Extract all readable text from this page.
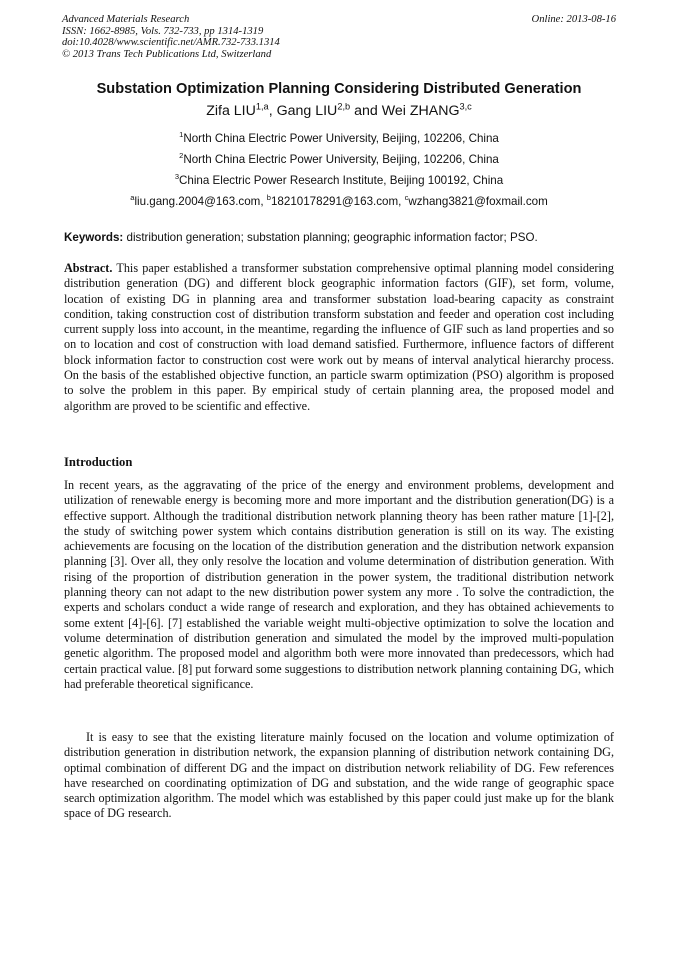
Advanced Materials Research
ISSN: 1662-8985, Vols. 732-733, pp 1314-1319
doi:10.4028/www.scientific.net/AMR.732-733.1314
© 2013 Trans Tech Publications Ltd, Switzerland
Online: 2013-08-16
Substation Optimization Planning Considering Distributed Generation
Zifa LIU$^{1,a}$, Gang LIU$^{2,b}$ and Wei ZHANG$^{3,c}$
$^1$North China Electric Power University, Beijing, 102206, China
$^2$North China Electric Power University, Beijing, 102206, China
$^3$China Electric Power Research Institute, Beijing 100192, China
$^a$liu.gang.2004@163.com, $^b$18210178291@163.com, $^c$wzhang3821@foxmail.com
Keywords: distribution generation; substation planning; geographic information factor; PSO.
Abstract. This paper established a transformer substation comprehensive optimal planning model considering distribution generation (DG) and different block geographic information factors (GIF), set form, volume, location of existing DG in planning area and transformer substation load-bearing capacity as constraint condition, taking construction cost of distribution transform substation and feeder and operation cost including current supply loss into account, in the meantime, regarding the influence of GIF such as land properties and so on to location and cost of construction with load demand satisfied. Furthermore, influence factors of different block information factor to construction cost were work out by means of interval analytical hierarchy process. On the basis of the established objective function, an particle swarm optimization (PSO) algorithm is proposed to solve the problem in this paper. By empirical study of certain planning area, the proposed model and algorithm are proved to be scientific and effective.
Introduction
In recent years, as the aggravating of the price of the energy and environment problems, development and utilization of renewable energy is becoming more and more important and the distribution generation(DG) is a effective support. Although the traditional distribution network planning theory has been rather mature [1]-[2], the study of switching power system which contains distribution generation is still on its way. The existing achievements are focusing on the location of the distribution generation and the distribution network expansion planning [3]. Over all, they only resolve the location and volume determination of distribution generation. With rising of the proportion of distribution generation in the power system, the traditional distribution network planning theory can not adapt to the new distribution power system any more . To solve the contradiction, the experts and scholars conduct a wide range of research and exploration, and they has obtained achievements to some extent [4]-[6]. [7] established the variable weight multi-objective optimization to solve the location and volume determination of distribution generation and simulated the model by the improved multi-population genetic algorithm. The proposed model and algorithm both were more innovated than predecessors, which had certain practical value. [8] put forward some suggestions to distribution network planning containing DG, which had preferable theoretical significance.
It is easy to see that the existing literature mainly focused on the location and volume optimization of distribution generation in distribution network, the expansion planning of distribution network containing DG, optimal combination of different DG and the impact on distribution network reliability of DG. Few references have researched on coordinating optimization of DG and substation, and the wide range of geographic space search optimization algorithm. The model which was established by this paper could just make up for the blank space of DG research.
